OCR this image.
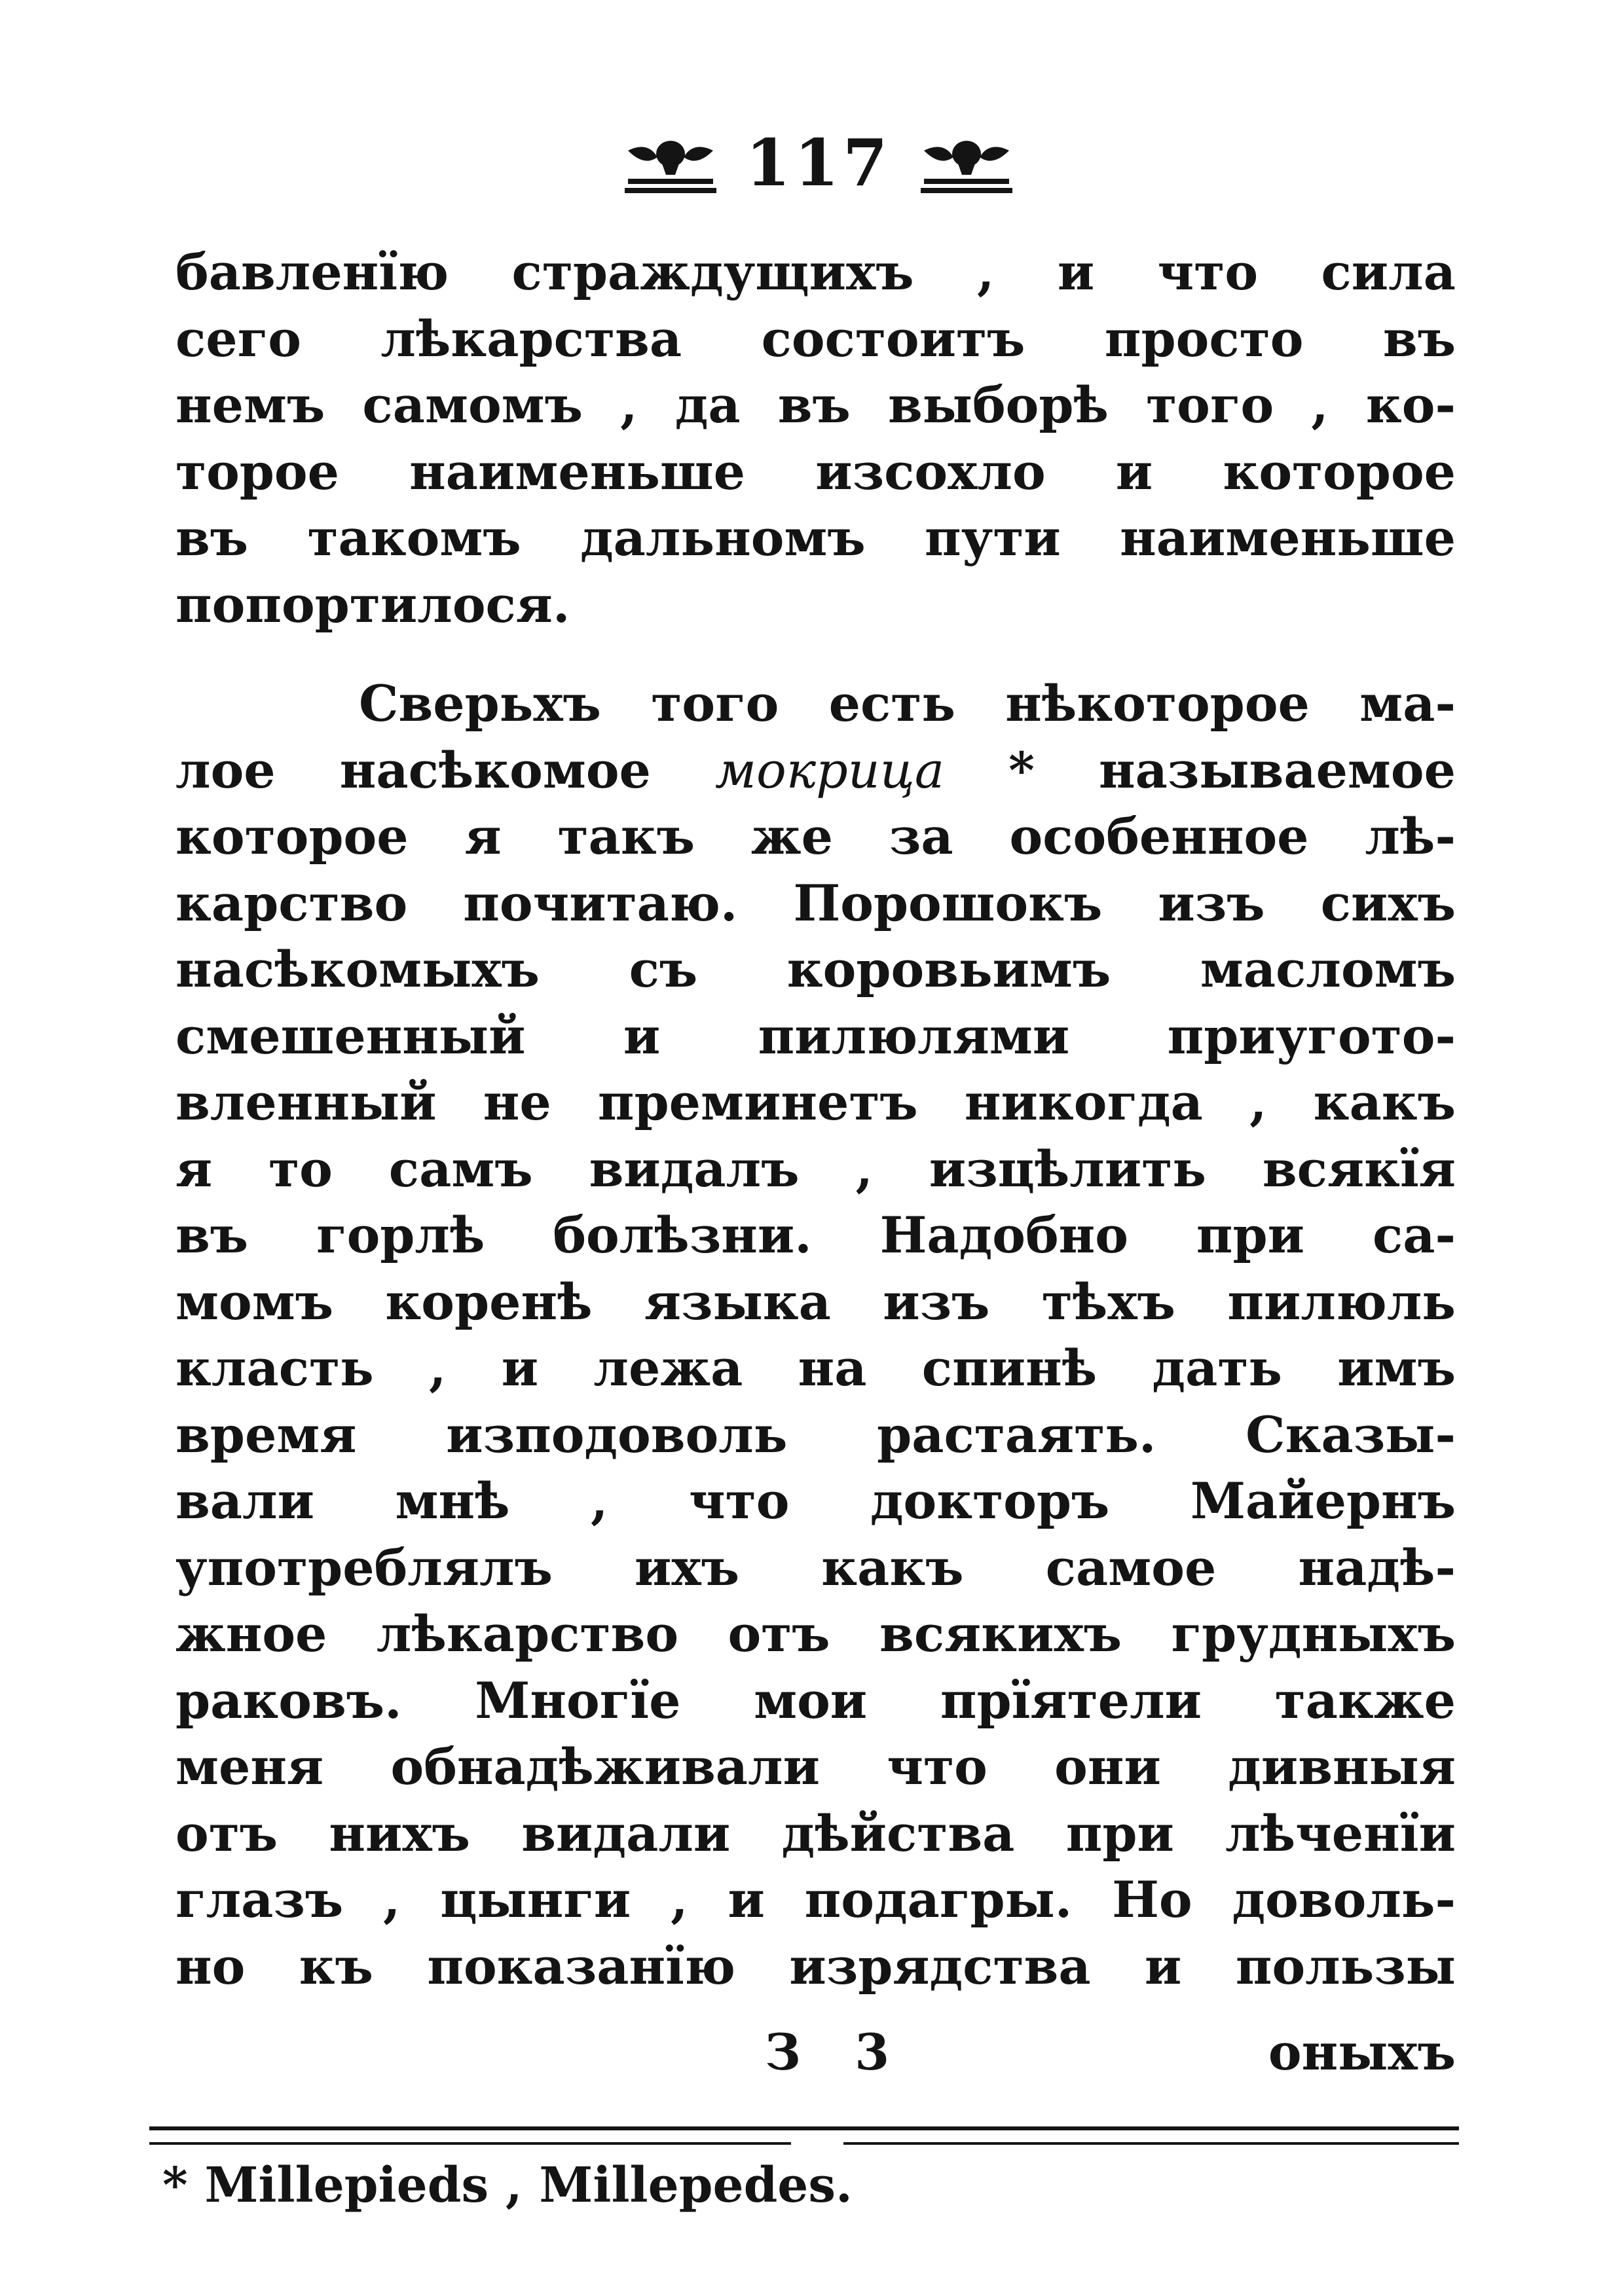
117
бавленїю страждущихъ , и что сила
сего лѣкарства состоитъ просто въ
немъ самомъ , да въ выборѣ того , ко-
торое наименьше изсохло и которое
въ такомъ дальномъ пути наименьше
попортилося.
Сверьхъ того есть нѣкоторое ма-
лое насѣкомое мокрица * называемое
которое я такъ же за особенное лѣ-
карство почитаю. Порошокъ изъ сихъ
насѣкомыхъ съ коровьимъ масломъ
смешенный и пилюлями приугото-
вленный не преминетъ никогда , какъ
я то самъ видалъ , изцѣлить всякїя
въ горлѣ болѣзни. Надобно при са-
момъ коренѣ языка изъ тѣхъ пилюль
класть , и лежа на спинѣ дать имъ
время изподоволь растаять. Сказы-
вали мнѣ , что докторъ Майернъ
употреблялъ ихъ какъ самое надѣ-
жное лѣкарство отъ всякихъ грудныхъ
раковъ. Многїе мои прїятели также
меня обнадѣживали что они дивныя
отъ нихъ видали дѣйства при лѣченїи
глазъ , цынги , и подагры. Но доволь-
но къ показанїю изрядства и пользы
З 3	оныхъ
* Millepieds , Millepedes.
